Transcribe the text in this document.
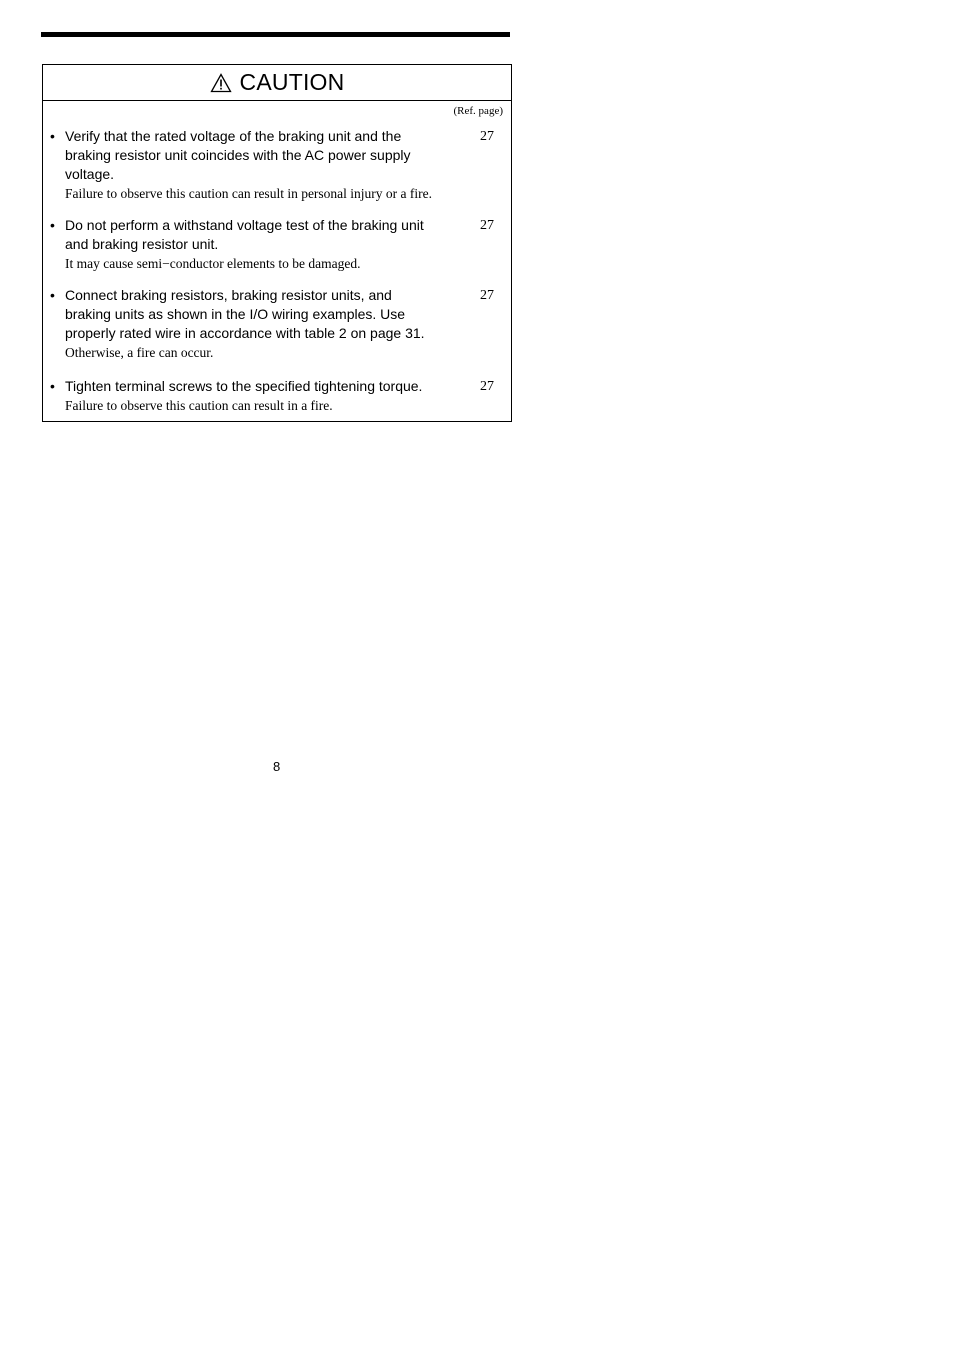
CAUTION
(Ref. page)
• Verify that the rated voltage of the braking unit and the braking resistor unit coincides with the AC power supply voltage.
Failure to observe this caution can result in personal injury or a fire.
27
• Do not perform a withstand voltage test of the braking unit and braking resistor unit.
It may cause semi−conductor elements to be damaged.
27
• Connect braking resistors, braking resistor units, and braking units as shown in the I/O wiring examples. Use properly rated wire in accordance with table 2 on page 31.
Otherwise, a fire can occur.
27
• Tighten terminal screws to the specified tightening torque.
Failure to observe this caution can result in a fire.
27
8
